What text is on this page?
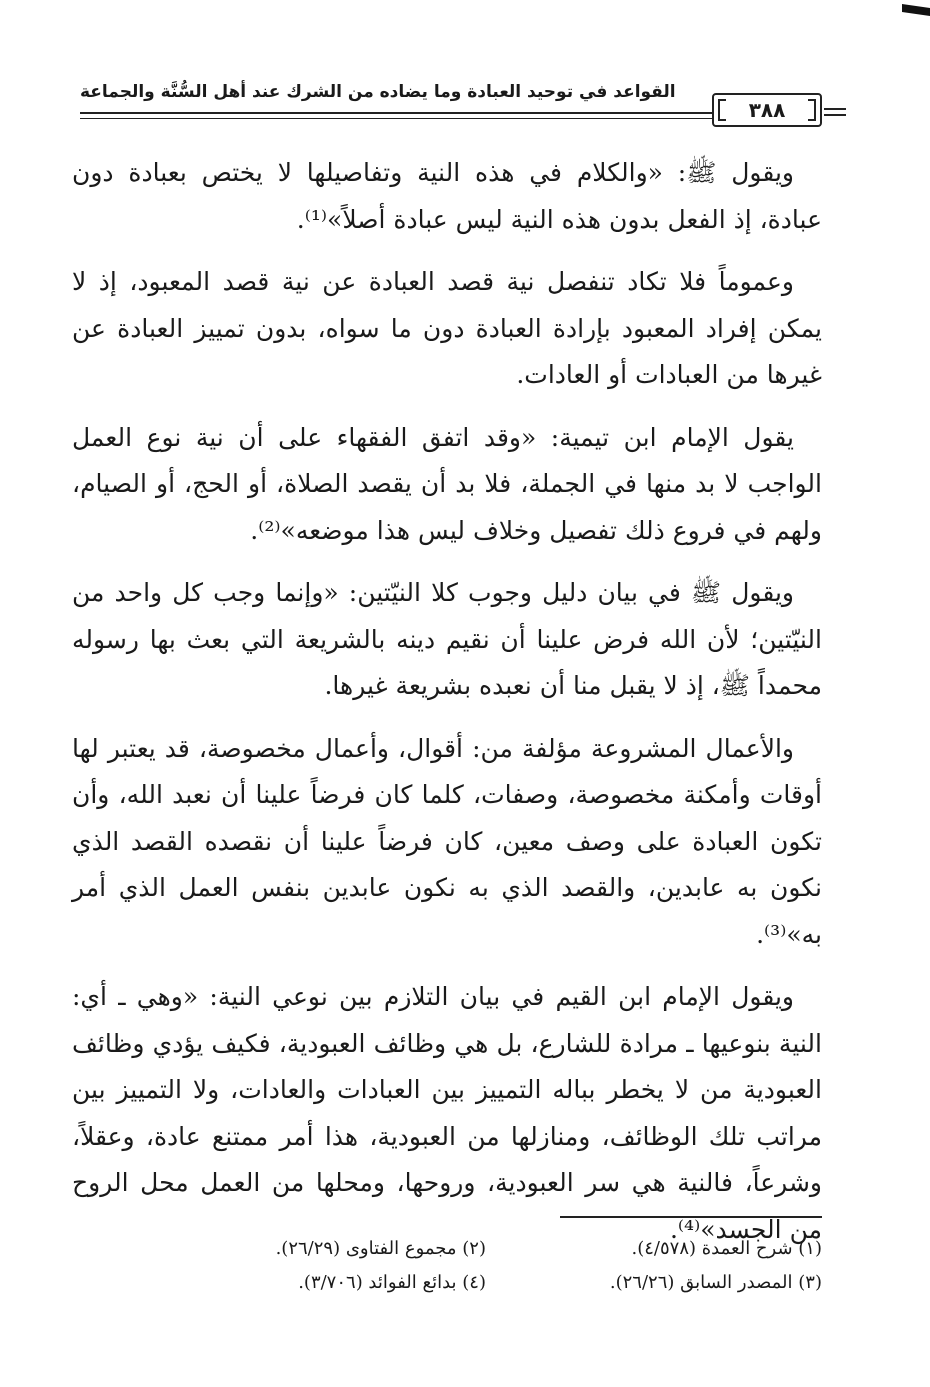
القواعد في توحيد العبادة وما يضاده من الشرك عند أهل السُّنَّة والجماعة
٣٨٨

ويقول ﷺ: «والكلام في هذه النية وتفاصيلها لا يختص بعبادة دون عبادة، إذ الفعل بدون هذه النية ليس عبادة أصلاً»⁽¹⁾.

وعموماً فلا تكاد تنفصل نية قصد العبادة عن نية قصد المعبود، إذ لا يمكن إفراد المعبود بإرادة العبادة دون ما سواه، بدون تمييز العبادة عن غيرها من العبادات أو العادات.

يقول الإمام ابن تيمية: «وقد اتفق الفقهاء على أن نية نوع العمل الواجب لا بد منها في الجملة، فلا بد أن يقصد الصلاة، أو الحج، أو الصيام، ولهم في فروع ذلك تفصيل وخلاف ليس هذا موضعه»⁽²⁾.

ويقول ﷺ في بيان دليل وجوب كلا النيّتين: «وإنما وجب كل واحد من النيّتين؛ لأن الله فرض علينا أن نقيم دينه بالشريعة التي بعث بها رسوله محمداً ﷺ، إذ لا يقبل منا أن نعبده بشريعة غيرها.

والأعمال المشروعة مؤلفة من: أقوال، وأعمال مخصوصة، قد يعتبر لها أوقات وأمكنة مخصوصة، وصفات، كلما كان فرضاً علينا أن نعبد الله، وأن تكون العبادة على وصف معين، كان فرضاً علينا أن نقصده القصد الذي نكون به عابدين، والقصد الذي به نكون عابدين بنفس العمل الذي أمر به»⁽³⁾.

ويقول الإمام ابن القيم في بيان التلازم بين نوعي النية: «وهي ـ أي: النية بنوعيها ـ مرادة للشارع، بل هي وظائف العبودية، فكيف يؤدي وظائف العبودية من لا يخطر بباله التمييز بين العبادات والعادات، ولا التمييز بين مراتب تلك الوظائف، ومنازلها من العبودية، هذا أمر ممتنع عادة، وعقلاً، وشرعاً، فالنية هي سر العبودية، وروحها، ومحلها من العمل محل الروح من الجسد»⁽⁴⁾.

(١) شرح العمدة (٤/٥٧٨).
(٢) مجموع الفتاوى (٢٦/٢٩).
(٣) المصدر السابق (٢٦/٢٦).
(٤) بدائع الفوائد (٣/٧٠٦).
